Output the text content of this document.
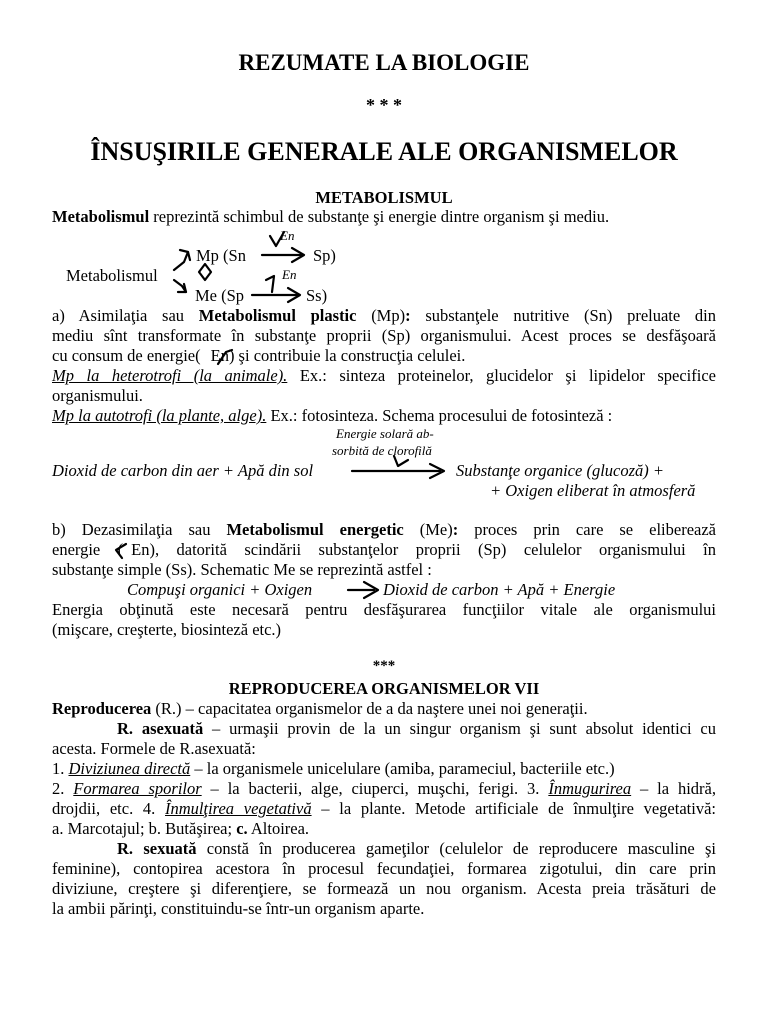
REZUMATE LA BIOLOGIE
* * *
ÎNSUŞIRILE GENERALE ALE ORGANISMELOR
METABOLISMUL
Metabolismul reprezintă schimbul de substanţe şi energie dintre organism şi mediu.
En
Mp (Sn	Sp)
Metabolismul	En
Me (Sp	Ss)
a) Asimilaţia sau Metabolismul plastic (Mp): substanţele nutritive (Sn) preluate din
mediu sînt transformate în substanţe proprii (Sp) organismului. Acest proces se desfăşoară
cu consum de energie( En) şi contribuie la construcţia celulei.
Mp la heterotrofi (la animale). Ex.: sinteza proteinelor, glucidelor şi lipidelor specifice
organismului.
Mp la autotrofi (la plante, alge). Ex.: fotosinteza. Schema procesului de fotosinteză :
Energie solară ab-
sorbită de clorofilă
Dioxid de carbon din aer + Apă din sol	Substanţe organice (glucoză) +
+ Oxigen eliberat în atmosferă
b) Dezasimilaţia sau Metabolismul energetic (Me): proces prin care se eliberează
energie ( En), datorită scindării substanţelor proprii (Sp) celulelor organismului în
substanţe simple (Ss). Schematic Me se reprezintă astfel :
Compuşi organici + Oxigen	Dioxid de carbon + Apă + Energie
Energia obţinută este necesară pentru desfăşurarea funcţiilor vitale ale organismului
(mişcare, creşterte, biosinteză etc.)
***
REPRODUCEREA ORGANISMELOR VII
Reproducerea (R.) – capacitatea organismelor de a da naştere unei noi generaţii.
R. asexuată – urmaşii provin de la un singur organism şi sunt absolut identici cu
acesta. Formele de R.asexuată:
1. Diviziunea directă – la organismele unicelulare (amiba, parameciul, bacteriile etc.)
2. Formarea sporilor – la bacterii, alge, ciuperci, muşchi, ferigi. 3. Înmugurirea – la hidră,
drojdii, etc. 4. Înmulţirea vegetativă – la plante. Metode artificiale de înmulţire vegetativă:
a. Marcotajul; b. Butăşirea; c. Altoirea.
R. sexuată constă în producerea gameţilor (celulelor de reproducere masculine şi
feminine), contopirea acestora în procesul fecundaţiei, formarea zigotului, din care prin
diviziune, creştere şi diferenţiere, se formează un nou organism. Acesta preia trăsături de
la ambii părinţi, constituindu-se într-un organism aparte.
